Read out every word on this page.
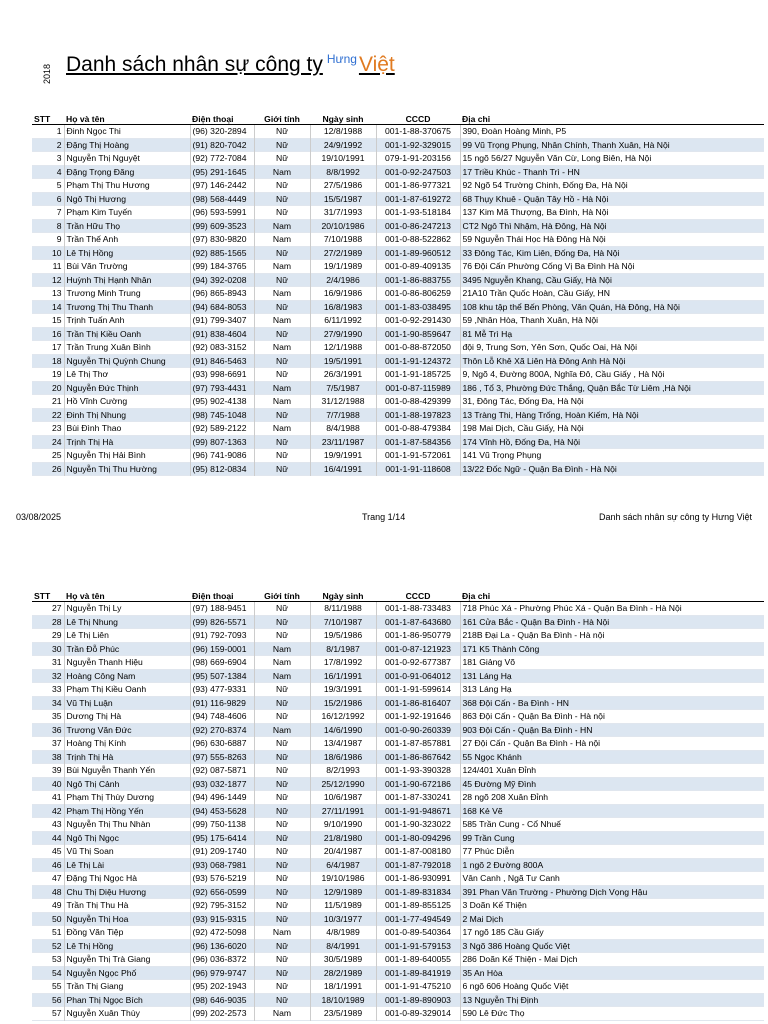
2018 Danh sách nhân sự công ty HưngViệt
STT	Họ và tên	Điện thoại	Giới tính	Ngày sinh	CCCD	Địa chỉ
1	Đinh Ngọc Thi	(96) 320-2894	Nữ	12/8/1988	001-1-88-370675	390, Đoàn Hoàng Minh, P5
2	Đặng Thị Hoàng	(91) 820-7042	Nữ	24/9/1992	001-1-92-329015	99 Vũ Trọng Phụng, Nhân Chính, Thanh Xuân, Hà Nội
3	Nguyễn Thị Nguyệt	(92) 772-7084	Nữ	19/10/1991	079-1-91-203156	15 ngõ 56/27 Nguyễn Văn Cừ, Long Biên, Hà Nội
4	Đặng Trọng Đăng	(95) 291-1645	Nam	8/8/1992	001-0-92-247503	17 Triều Khúc - Thanh Trì - HN
5	Phạm Thị Thu Hương	(97) 146-2442	Nữ	27/5/1986	001-1-86-977321	92 Ngõ 54 Trường Chinh, Đống Đa, Hà Nội
6	Ngô Thị Hương	(98) 568-4449	Nữ	15/5/1987	001-1-87-619272	68 Thụy Khuê - Quận Tây Hồ - Hà Nội
7	Phạm Kim Tuyến	(96) 593-5991	Nữ	31/7/1993	001-1-93-518184	137 Kim Mã Thượng, Ba Đình, Hà Nội
8	Trần Hữu Thọ	(99) 609-3523	Nam	20/10/1986	001-0-86-247213	CT2 Ngô Thì Nhậm, Hà Đông, Hà Nội
9	Trần Thế Anh	(97) 830-9820	Nam	7/10/1988	001-0-88-522862	59 Nguyễn Thái Học Hà Đông Hà Nội
10	Lê Thị Hồng	(92) 885-1565	Nữ	27/2/1989	001-1-89-960512	33 Đông Tác, Kim Liên, Đống Đa, Hà Nội
11	Bùi Văn Trường	(99) 184-3765	Nam	19/1/1989	001-0-89-409135	76 Đội Cấn Phường Cống Vị Ba Đình Hà Nội
12	Huỳnh Thị Hạnh Nhân	(94) 392-0208	Nữ	2/4/1986	001-1-86-883755	3495 Nguyễn Khang, Cầu Giấy, Hà Nội
13	Trương Minh Trung	(96) 865-8943	Nam	16/9/1986	001-0-86-806259	21A10 Trần Quốc Hoàn, Cầu Giấy, HN
14	Trương Thị Thu Thanh	(94) 684-8053	Nữ	16/8/1983	001-1-83-038495	108 khu tập thể Bến Phòng, Văn Quán, Hà Đông, Hà Nội
15	Trịnh Tuấn Anh	(91) 799-3407	Nam	6/11/1992	001-0-92-291430	59 ,Nhân Hòa, Thanh Xuân, Hà Nội
16	Trần Thị Kiều Oanh	(91) 838-4604	Nữ	27/9/1990	001-1-90-859647	81 Mễ Trì Hạ
17	Trần Trung Xuân Bình	(92) 083-3152	Nam	12/1/1988	001-0-88-872050	đội 9, Trung Sơn, Yên Sơn, Quốc Oai, Hà Nội
18	Nguyễn Thị Quỳnh Chung	(91) 846-5463	Nữ	19/5/1991	001-1-91-124372	Thôn Lỗ Khê Xã Liên Hà Đông Anh Hà Nội
19	Lê Thị Thơ	(93) 998-6691	Nữ	26/3/1991	001-1-91-185725	9, Ngõ 4, Đường 800A, Nghĩa Đô, Cầu Giấy , Hà Nội
20	Nguyễn Đức Thịnh	(97) 793-4431	Nam	7/5/1987	001-0-87-115989	186 , Tổ 3, Phường Đức Thắng, Quận Bắc Từ Liêm ,Hà Nội
21	Hồ Vĩnh Cường	(95) 902-4138	Nam	31/12/1988	001-0-88-429399	31, Đông Tác, Đống Đa, Hà Nội
22	Đinh Thị Nhung	(98) 745-1048	Nữ	7/7/1988	001-1-88-197823	13 Tràng Thi, Hàng Trống, Hoàn Kiếm, Hà Nội
23	Bùi Đình Thao	(92) 589-2122	Nam	8/4/1988	001-0-88-479384	198 Mai Dịch, Cầu Giấy, Hà Nội
24	Trịnh Thị Hà	(99) 807-1363	Nữ	23/11/1987	001-1-87-584356	174 Vĩnh Hồ, Đống Đa, Hà Nội
25	Nguyễn Thị Hải Bình	(96) 741-9086	Nữ	19/9/1991	001-1-91-572061	141 Vũ Trọng Phụng
26	Nguyễn Thị Thu Hường	(95) 812-0834	Nữ	16/4/1991	001-1-91-118608	13/22 Đốc Ngữ - Quận Ba Đình - Hà Nội
03/08/2025	Trang 1/14	Danh sách nhân sự công ty Hưng Việt
STT	Họ và tên	Điện thoại	Giới tính	Ngày sinh	CCCD	Địa chỉ
27	Nguyễn Thị Ly	(97) 188-9451	Nữ	8/11/1988	001-1-88-733483	718 Phúc Xá - Phường Phúc Xá - Quận Ba Đình - Hà Nội
28	Lê Thị Nhung	(99) 826-5571	Nữ	7/10/1987	001-1-87-643680	161 Cửa Bắc - Quận Ba Đình - Hà Nội
29	Lê Thị Liên	(91) 792-7093	Nữ	19/5/1986	001-1-86-950779	218B Đại La - Quận Ba Đình - Hà nội
30	Trần Đỗ Phúc	(96) 159-0001	Nam	8/1/1987	001-0-87-121923	171 K5 Thành Công
31	Nguyễn Thanh Hiệu	(98) 669-6904	Nam	17/8/1992	001-0-92-677387	181 Giảng Võ
32	Hoàng Công Nam	(95) 507-1384	Nam	16/1/1991	001-0-91-064012	131 Láng Hạ
33	Phạm Thị Kiều Oanh	(93) 477-9331	Nữ	19/3/1991	001-1-91-599614	313 Láng Hạ
34	Vũ Thị Luận	(91) 116-9829	Nữ	15/2/1986	001-1-86-816407	368 Đội Cấn - Ba Đình - HN
35	Dương Thị Hà	(94) 748-4606	Nữ	16/12/1992	001-1-92-191646	863 Đội Cấn - Quận Ba Đình - Hà nội
36	Trương Văn Đức	(92) 270-8374	Nam	14/6/1990	001-0-90-260339	903 Đội Cấn - Quận Ba Đình - HN
37	Hoàng Thị Kính	(96) 630-6887	Nữ	13/4/1987	001-1-87-857881	27 Đội Cấn - Quận Ba Đình - Hà nội
38	Trịnh Thị Hà	(97) 555-8263	Nữ	18/6/1986	001-1-86-867642	55 Ngọc Khánh
39	Bùi Nguyễn Thanh Yến	(92) 087-5871	Nữ	8/2/1993	001-1-93-390328	124/401 Xuân Đỉnh
40	Ngô Thị Cảnh	(93) 032-1877	Nữ	25/12/1990	001-1-90-672186	45 Đường Mỹ Đình
41	Phạm Thị Thùy Dương	(94) 496-1449	Nữ	10/6/1987	001-1-87-330241	28 ngõ 208 Xuân Đỉnh
42	Phạm Thị Hồng Yến	(94) 453-5628	Nữ	27/11/1991	001-1-91-948671	168 Kẻ Vẽ
43	Nguyễn Thị Thu Nhàn	(99) 750-1138	Nữ	9/10/1990	001-1-90-323022	585 Trần Cung - Cổ Nhuế
44	Ngô Thị Ngọc	(95) 175-6414	Nữ	21/8/1980	001-1-80-094296	99 Trần Cung
45	Vũ Thị Soan	(91) 209-1740	Nữ	20/4/1987	001-1-87-008180	77 Phúc Diễn
46	Lê Thị Lài	(93) 068-7981	Nữ	6/4/1987	001-1-87-792018	1 ngõ 2 Đường 800A
47	Đặng Thị Ngọc Hà	(93) 576-5219	Nữ	19/10/1986	001-1-86-930991	Vân Canh , Ngã Tư Canh
48	Chu Thị Diệu Hương	(92) 656-0599	Nữ	12/9/1989	001-1-89-831834	391 Phan Văn Trường - Phường Dịch Vọng Hậu
49	Trần Thị Thu Hà	(92) 795-3152	Nữ	11/5/1989	001-1-89-855125	3 Doãn Kế Thiện
50	Nguyễn Thị Hoa	(93) 915-9315	Nữ	10/3/1977	001-1-77-494549	2 Mai Dịch
51	Đồng Văn Tiệp	(92) 472-5098	Nam	4/8/1989	001-0-89-540364	17 ngõ 185 Cầu Giấy
52	Lê Thị Hồng	(96) 136-6020	Nữ	8/4/1991	001-1-91-579153	3 Ngõ 386 Hoàng Quốc Việt
53	Nguyễn Thị Trà Giang	(96) 036-8372	Nữ	30/5/1989	001-1-89-640055	286 Doãn Kế Thiện - Mai Dịch
54	Nguyễn Ngọc Phố	(96) 979-9747	Nữ	28/2/1989	001-1-89-841919	35 An Hòa
55	Trần Thị Giang	(95) 202-1943	Nữ	18/1/1991	001-1-91-475210	6 ngõ 606 Hoàng Quốc Việt
56	Phan Thị Ngọc Bích	(98) 646-9035	Nữ	18/10/1989	001-1-89-890903	13 Nguyễn Thị Định
57	Nguyễn Xuân Thùy	(99) 202-2573	Nam	23/5/1989	001-0-89-329014	590 Lê Đức Thọ
